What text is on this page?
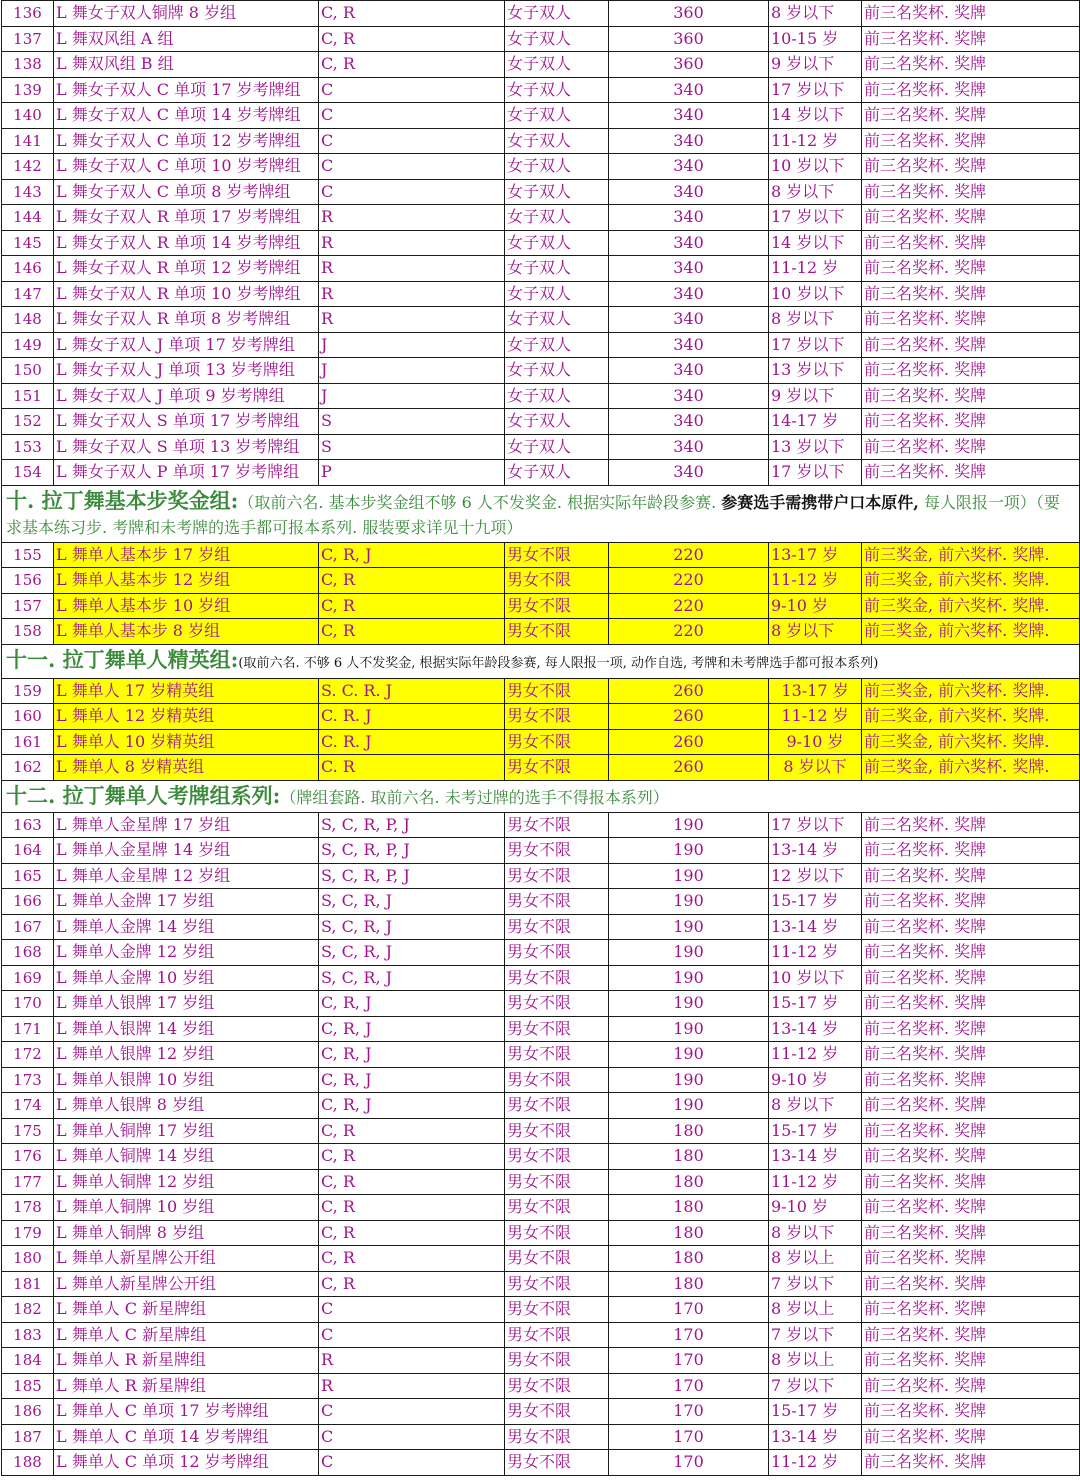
136	L 舞女子双人铜牌 8 岁组	C, R	女子双人	360	8 岁以下	前三名奖杯. 奖牌
137	L 舞双风组 A 组	C, R	女子双人	360	10-15 岁	前三名奖杯. 奖牌
138	L 舞双风组 B 组	C, R	女子双人	360	9 岁以下	前三名奖杯. 奖牌
139	L 舞女子双人 C 单项 17 岁考牌组	C	女子双人	340	17 岁以下	前三名奖杯. 奖牌
140	L 舞女子双人 C 单项 14 岁考牌组	C	女子双人	340	14 岁以下	前三名奖杯. 奖牌
141	L 舞女子双人 C 单项 12 岁考牌组	C	女子双人	340	11-12 岁	前三名奖杯. 奖牌
142	L 舞女子双人 C 单项 10 岁考牌组	C	女子双人	340	10 岁以下	前三名奖杯. 奖牌
143	L 舞女子双人 C 单项 8 岁考牌组	C	女子双人	340	8 岁以下	前三名奖杯. 奖牌
144	L 舞女子双人 R 单项 17 岁考牌组	R	女子双人	340	17 岁以下	前三名奖杯. 奖牌
145	L 舞女子双人 R 单项 14 岁考牌组	R	女子双人	340	14 岁以下	前三名奖杯. 奖牌
146	L 舞女子双人 R 单项 12 岁考牌组	R	女子双人	340	11-12 岁	前三名奖杯. 奖牌
147	L 舞女子双人 R 单项 10 岁考牌组	R	女子双人	340	10 岁以下	前三名奖杯. 奖牌
148	L 舞女子双人 R 单项 8 岁考牌组	R	女子双人	340	8 岁以下	前三名奖杯. 奖牌
149	L 舞女子双人 J 单项 17 岁考牌组	J	女子双人	340	17 岁以下	前三名奖杯. 奖牌
150	L 舞女子双人 J 单项 13 岁考牌组	J	女子双人	340	13 岁以下	前三名奖杯. 奖牌
151	L 舞女子双人 J 单项 9 岁考牌组	J	女子双人	340	9 岁以下	前三名奖杯. 奖牌
152	L 舞女子双人 S 单项 17 岁考牌组	S	女子双人	340	14-17 岁	前三名奖杯. 奖牌
153	L 舞女子双人 S 单项 13 岁考牌组	S	女子双人	340	13 岁以下	前三名奖杯. 奖牌
154	L 舞女子双人 P 单项 17 岁考牌组	P	女子双人	340	17 岁以下	前三名奖杯. 奖牌
十. 拉丁舞基本步奖金组:（取前六名. 基本步奖金组不够 6 人不发奖金. 根据实际年龄段参赛. 参赛选手需携带户口本原件, 每人限报一项）（要求基本练习步. 考牌和未考牌的选手都可报本系列. 服装要求详见十九项）						
155	L 舞单人基本步 17 岁组	C, R, J	男女不限	220	13-17 岁	前三奖金, 前六奖杯. 奖牌.
156	L 舞单人基本步 12 岁组	C, R	男女不限	220	11-12 岁	前三奖金, 前六奖杯. 奖牌.
157	L 舞单人基本步 10 岁组	C, R	男女不限	220	9-10 岁	前三奖金, 前六奖杯. 奖牌.
158	L 舞单人基本步 8 岁组	C, R	男女不限	220	8 岁以下	前三奖金, 前六奖杯. 奖牌.
十一. 拉丁舞单人精英组:(取前六名. 不够 6 人不发奖金, 根据实际年龄段参赛, 每人限报一项, 动作自选, 考牌和未考牌选手都可报本系列)						
159	L 舞单人 17 岁精英组	S. C. R. J	男女不限	260	13-17 岁	前三奖金, 前六奖杯. 奖牌.
160	L 舞单人 12 岁精英组	C. R. J	男女不限	260	11-12 岁	前三奖金, 前六奖杯. 奖牌.
161	L 舞单人 10 岁精英组	C. R. J	男女不限	260	9-10 岁	前三奖金, 前六奖杯. 奖牌.
162	L 舞单人 8 岁精英组	C. R	男女不限	260	8 岁以下	前三奖金, 前六奖杯. 奖牌.
十二. 拉丁舞单人考牌组系列:（牌组套路. 取前六名. 未考过牌的选手不得报本系列）						
163	L 舞单人金星牌 17 岁组	S, C, R, P, J	男女不限	190	17 岁以下	前三名奖杯. 奖牌
164	L 舞单人金星牌 14 岁组	S, C, R, P, J	男女不限	190	13-14 岁	前三名奖杯. 奖牌
165	L 舞单人金星牌 12 岁组	S, C, R, P, J	男女不限	190	12 岁以下	前三名奖杯. 奖牌
166	L 舞单人金牌 17 岁组	S, C, R, J	男女不限	190	15-17 岁	前三名奖杯. 奖牌
167	L 舞单人金牌 14 岁组	S, C, R, J	男女不限	190	13-14 岁	前三名奖杯. 奖牌
168	L 舞单人金牌 12 岁组	S, C, R, J	男女不限	190	11-12 岁	前三名奖杯. 奖牌
169	L 舞单人金牌 10 岁组	S, C, R, J	男女不限	190	10 岁以下	前三名奖杯. 奖牌
170	L 舞单人银牌 17 岁组	C, R, J	男女不限	190	15-17 岁	前三名奖杯. 奖牌
171	L 舞单人银牌 14 岁组	C, R, J	男女不限	190	13-14 岁	前三名奖杯. 奖牌
172	L 舞单人银牌 12 岁组	C, R, J	男女不限	190	11-12 岁	前三名奖杯. 奖牌
173	L 舞单人银牌 10 岁组	C, R, J	男女不限	190	9-10 岁	前三名奖杯. 奖牌
174	L 舞单人银牌 8 岁组	C, R, J	男女不限	190	8 岁以下	前三名奖杯. 奖牌
175	L 舞单人铜牌 17 岁组	C, R	男女不限	180	15-17 岁	前三名奖杯. 奖牌
176	L 舞单人铜牌 14 岁组	C, R	男女不限	180	13-14 岁	前三名奖杯. 奖牌
177	L 舞单人铜牌 12 岁组	C, R	男女不限	180	11-12 岁	前三名奖杯. 奖牌
178	L 舞单人铜牌 10 岁组	C, R	男女不限	180	9-10 岁	前三名奖杯. 奖牌
179	L 舞单人铜牌 8 岁组	C, R	男女不限	180	8 岁以下	前三名奖杯. 奖牌
180	L 舞单人新星牌公开组	C, R	男女不限	180	8 岁以上	前三名奖杯. 奖牌
181	L 舞单人新星牌公开组	C, R	男女不限	180	7 岁以下	前三名奖杯. 奖牌
182	L 舞单人 C 新星牌组	C	男女不限	170	8 岁以上	前三名奖杯. 奖牌
183	L 舞单人 C 新星牌组	C	男女不限	170	7 岁以下	前三名奖杯. 奖牌
184	L 舞单人 R 新星牌组	R	男女不限	170	8 岁以上	前三名奖杯. 奖牌
185	L 舞单人 R 新星牌组	R	男女不限	170	7 岁以下	前三名奖杯. 奖牌
186	L 舞单人 C 单项 17 岁考牌组	C	男女不限	170	15-17 岁	前三名奖杯. 奖牌
187	L 舞单人 C 单项 14 岁考牌组	C	男女不限	170	13-14 岁	前三名奖杯. 奖牌
188	L 舞单人 C 单项 12 岁考牌组	C	男女不限	170	11-12 岁	前三名奖杯. 奖牌
